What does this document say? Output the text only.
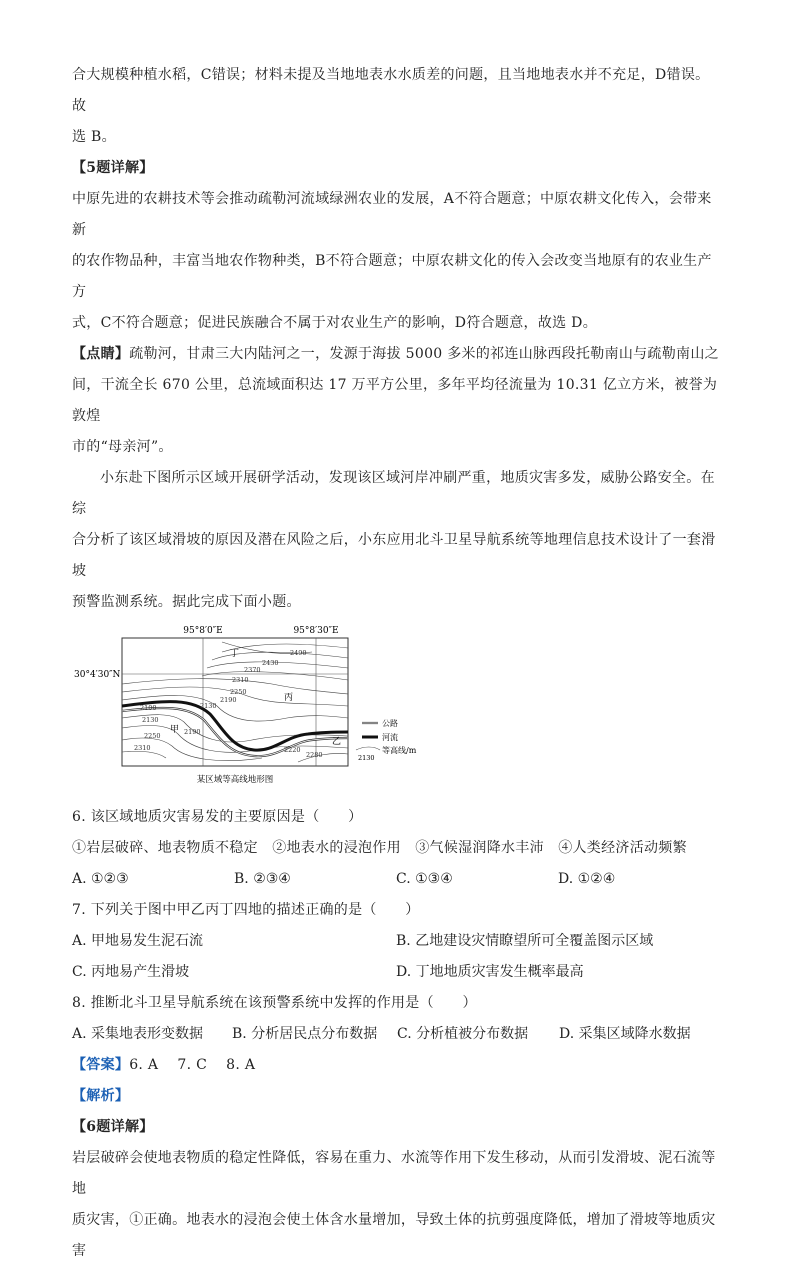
合大规模种植水稻，C错误；材料未提及当地地表水水质差的问题，且当地地表水并不充足，D错误。故

选 B。

【5题详解】

中原先进的农耕技术等会推动疏勒河流域绿洲农业的发展，A不符合题意；中原农耕文化传入，会带来新

的农作物品种，丰富当地农作物种类，B不符合题意；中原农耕文化的传入会改变当地原有的农业生产方

式，C不符合题意；促进民族融合不属于对农业生产的影响，D符合题意，故选 D。

【点睛】疏勒河，甘肃三大内陆河之一，发源于海拔 5000 多米的祁连山脉西段托勒南山与疏勒南山之

间，干流全长 670 公里，总流域面积达 17 万平方公里，多年平均径流量为 10.31 亿立方米，被誉为敦煌

市的“母亲河”。

小东赴下图所示区域开展研学活动，发现该区域河岸冲刷严重，地质灾害多发，威胁公路安全。在综

合分析了该区域滑坡的原因及潜在风险之后，小东应用北斗卫星导航系统等地理信息技术设计了一套滑坡

预警监测系统。据此完成下面小题。

95°8′0″E	95°8′30″E
30°4′30″N
2490
2430
2370
2310
2250
2190
2130
2100
2130
2190
2250
2310	2220
2280
丁
丙
甲
乙
公路
河流
等高线/m
2130
某区域等高线地形图

6. 该区域地质灾害易发的主要原因是（　　）

①岩层破碎、地表物质不稳定　②地表水的浸泡作用　③气候湿润降水丰沛　④人类经济活动频繁

A. ①②③	B. ②③④	C. ①③④	D. ①②④

7. 下列关于图中甲乙丙丁四地的描述正确的是（　　）

A. 甲地易发生泥石流	B. 乙地建设灾情瞭望所可全覆盖图示区域
C. 丙地易产生滑坡	D. 丁地地质灾害发生概率最高

8. 推断北斗卫星导航系统在该预警系统中发挥的作用是（　　）

A. 采集地表形变数据	B. 分析居民点分布数据	C. 分析植被分布数据	D. 采集区域降水数据

【答案】6. A　 7. C　 8. A

【解析】

【6题详解】

岩层破碎会使地表物质的稳定性降低，容易在重力、水流等作用下发生移动，从而引发滑坡、泥石流等地

质灾害，①正确。地表水的浸泡会使土体含水量增加，导致土体的抗剪强度降低，增加了滑坡等地质灾害
